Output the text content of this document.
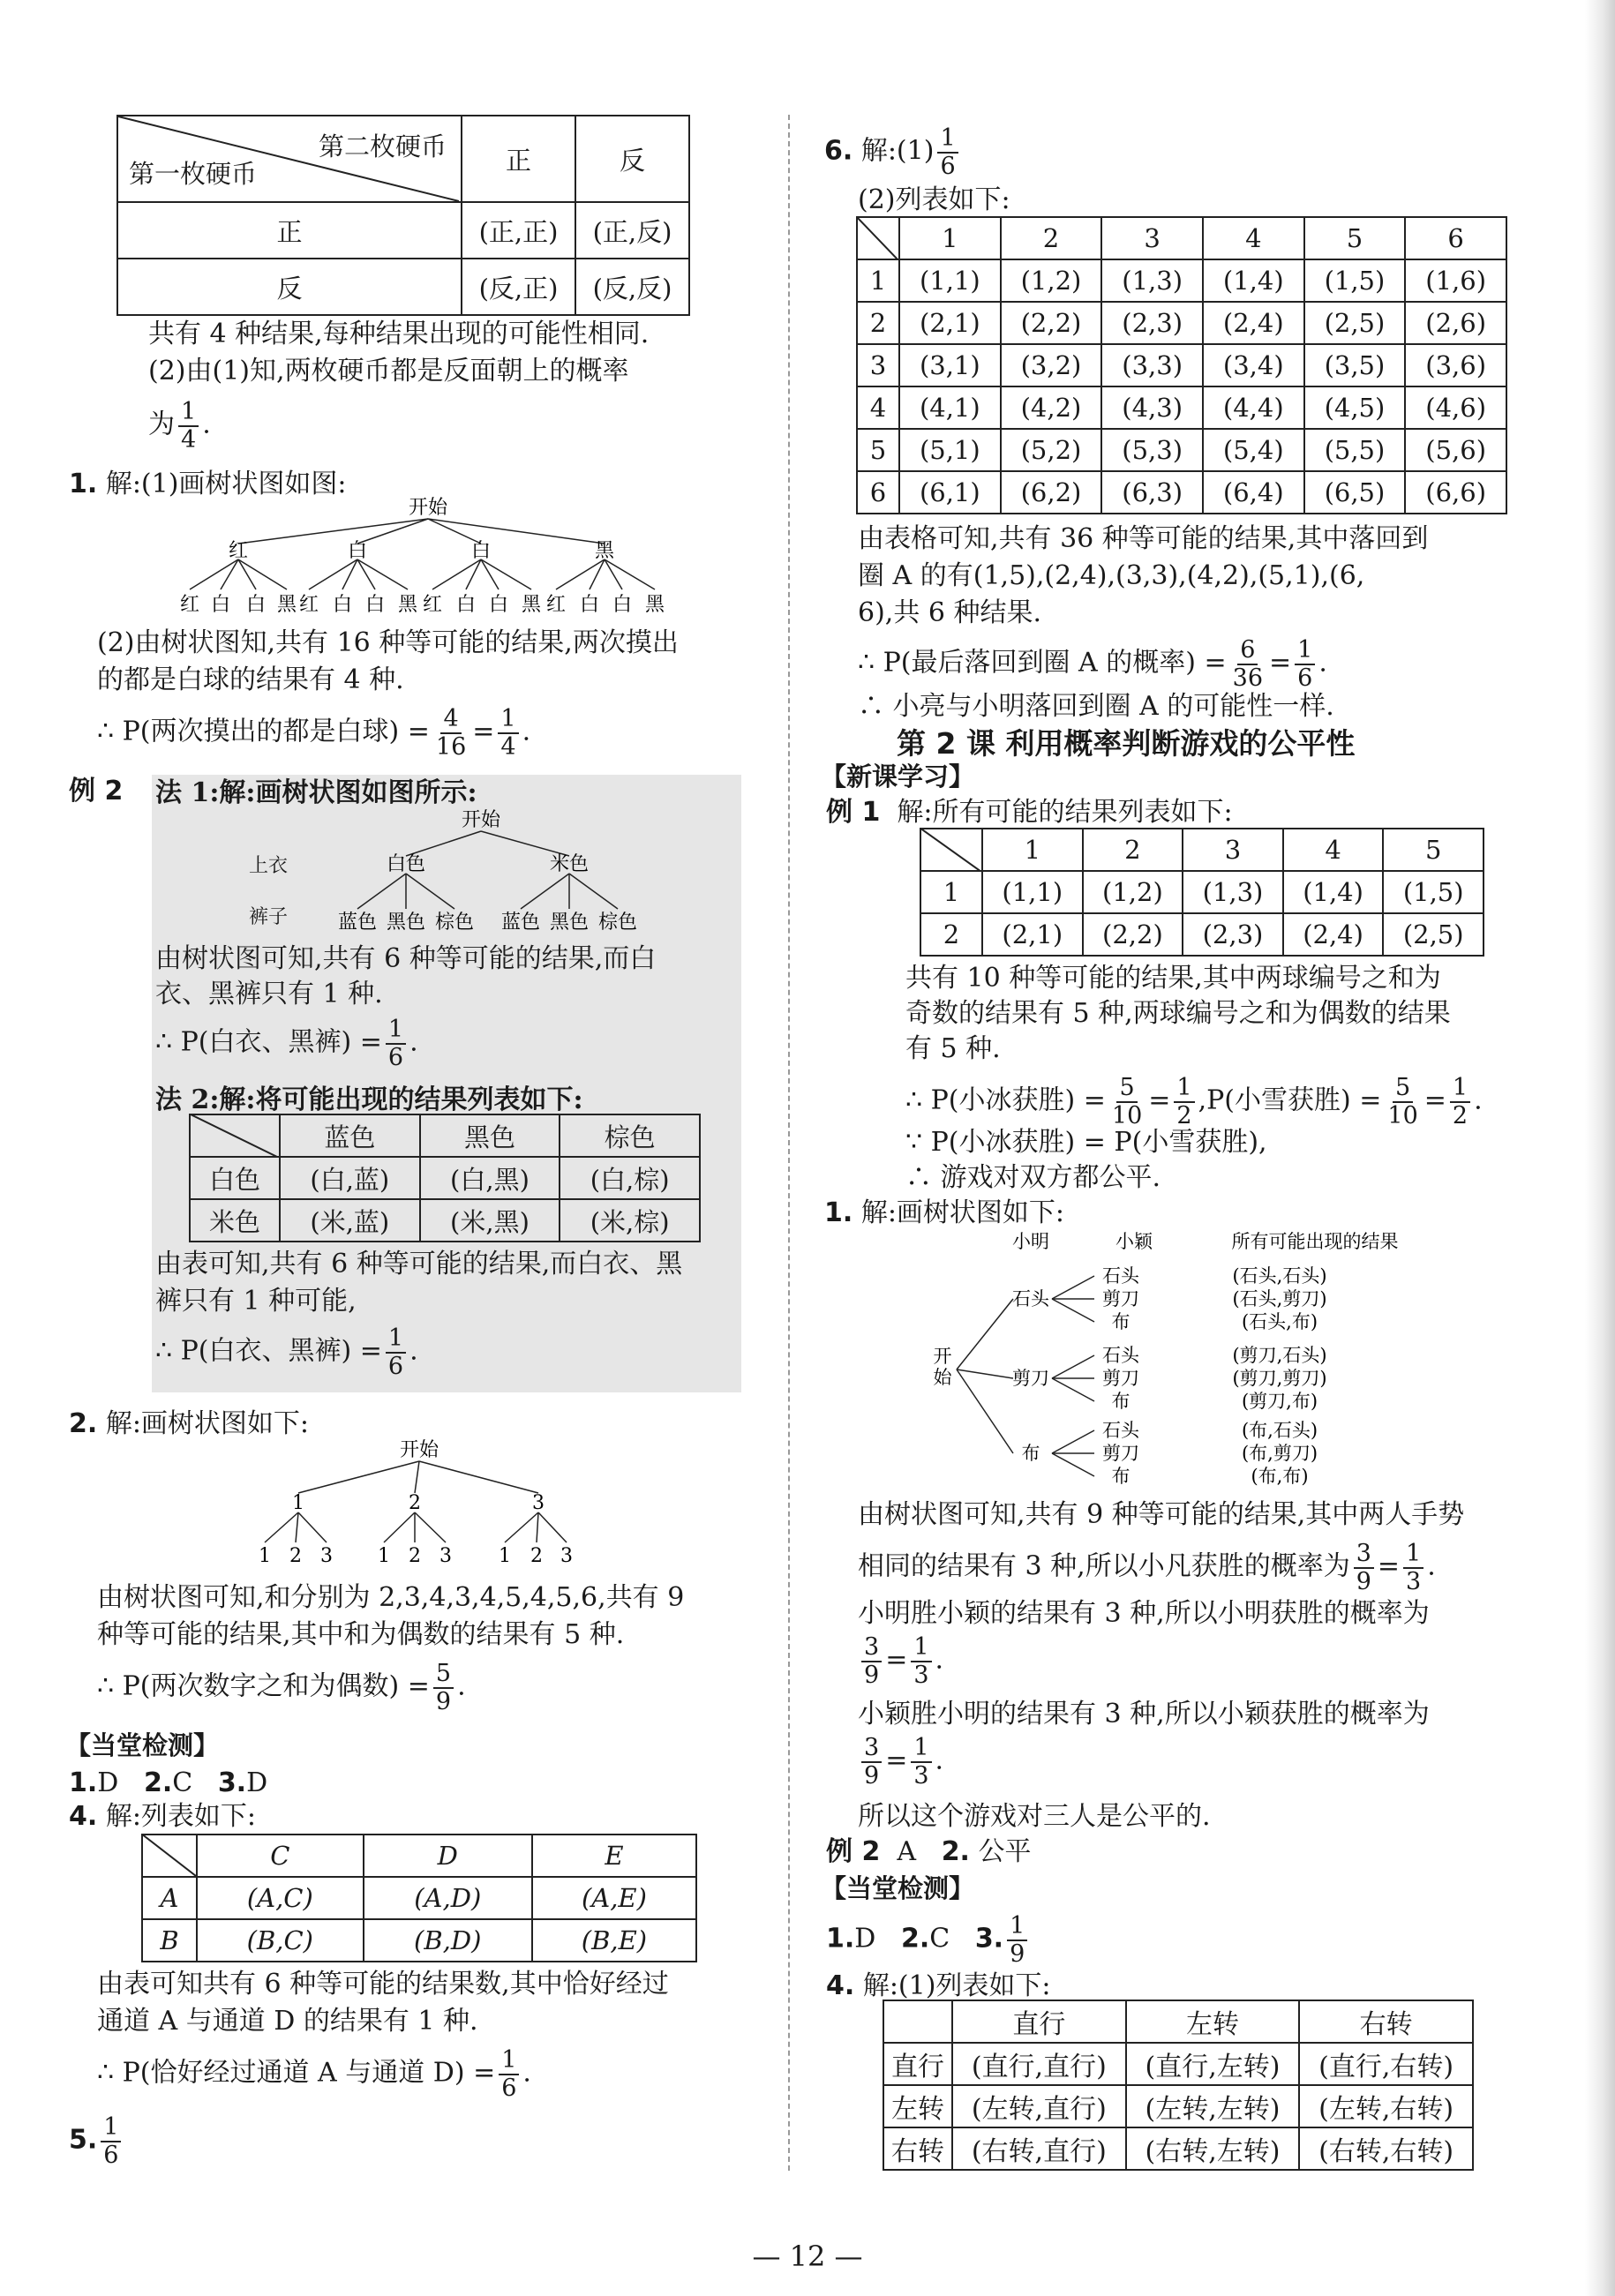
第二枚硬币
第一枚硬币	正	反
正	(正,正)	(正,反)
反	(反,正)	(反,反)
共有 4 种结果,每种结果出现的可能性相同.
(2)由(1)知,两枚硬币都是反面朝上的概率
为 $\frac{1}{4}$ .
1. 解:(1)画树状图如图:
开始
红	白	白	黑
红 白 白 黑 红 白 白 黑 红 白 白 黑 红 白 白 黑
(2)由树状图知,共有 16 种等可能的结果,两次摸出
的都是白球的结果有 4 种.
∴ P(两次摸出的都是白球) = $\frac{4}{16} = \frac{1}{4}$ .
例 2 法 1:解:画树状图如图所示:
开始
白色	米色
蓝色 黑色 棕色 蓝色 黑色 棕色
上衣
裤子
由树状图可知,共有 6 种等可能的结果,而白
衣、黑裤只有 1 种.
∴ P(白衣、黑裤) = $\frac{1}{6}$ .
法 2:解:将可能出现的结果列表如下:
	蓝色	黑色	棕色
白色	(白,蓝)	(白,黑)	(白,棕)
米色	(米,蓝)	(米,黑)	(米,棕)
由表可知,共有 6 种等可能的结果,而白衣、黑
裤只有 1 种可能,
∴ P(白衣、黑裤) = $\frac{1}{6}$ .
2. 解:画树状图如下:
开始
1	2	3
1 2 3 1 2 3 1 2 3
由树状图可知,和分别为 2,3,4,3,4,5,4,5,6,共有 9
种等可能的结果,其中和为偶数的结果有 5 种.
∴ P(两次数字之和为偶数) = $\frac{5}{9}$ .
【当堂检测】
1.D 2.C 3.D
4. 解:列表如下:
	C	D	E
A	(A,C)	(A,D)	(A,E)
B	(B,C)	(B,D)	(B,E)
由表可知共有 6 种等可能的结果数,其中恰好经过
通道 A 与通道 D 的结果有 1 种.
∴ P(恰好经过通道 A 与通道 $D) = \frac{1}{6}$ .
5. $\frac{1}{6}$
6. 解:(1) $\frac{1}{6}$
(2)列表如下:
	1	2	3	4	5	6
1	(1,1)	(1,2)	(1,3)	(1,4)	(1,5)	(1,6)
2	(2,1)	(2,2)	(2,3)	(2,4)	(2,5)	(2,6)
3	(3,1)	(3,2)	(3,3)	(3,4)	(3,5)	(3,6)
4	(4,1)	(4,2)	(4,3)	(4,4)	(4,5)	(4,6)
5	(5,1)	(5,2)	(5,3)	(5,4)	(5,5)	(5,6)
6	(6,1)	(6,2)	(6,3)	(6,4)	(6,5)	(6,6)
由表格可知,共有 36 种等可能的结果,其中落回到
圈 A 的有(1,5),(2,4),(3,3),(4,2),(5,1),(6,
6),共 6 种结果.
∴ P(最后落回到圈 A 的概率) = $\frac{6}{36} = \frac{1}{6}$ .
∴ 小亮与小明落回到圈 A 的可能性一样.
第 2 课 利用概率判断游戏的公平性
【新课学习】
例 1 解:所有可能的结果列表如下:
	1	2	3	4	5
1	(1,1)	(1,2)	(1,3)	(1,4)	(1,5)
2	(2,1)	(2,2)	(2,3)	(2,4)	(2,5)
共有 10 种等可能的结果,其中两球编号之和为
奇数的结果有 5 种,两球编号之和为偶数的结果
有 5 种.
∴ P(小冰获胜) = $\frac{5}{10} = \frac{1}{2} ,P$(小雪获胜) = $\frac{5}{10} = \frac{1}{2}$ .
∵ P(小冰获胜) = P(小雪获胜),
∴ 游戏对双方都公平.
1. 解:画树状图如下:
小明	小颖	所有可能出现的结果
开
始
石头
石头	(石头,石头)
剪刀	(石头,剪刀)
布	(石头,布)
剪刀
石头	(剪刀,石头)
剪刀	(剪刀,剪刀)
布	(剪刀,布)
布
石头	(布,石头)
剪刀	(布,剪刀)
布	(布,布)
由树状图可知,共有 9 种等可能的结果,其中两人手势
相同的结果有 3 种,所以小凡获胜的概率为 $\frac{3}{9} = \frac{1}{3}$ .
小明胜小颖的结果有 3 种,所以小明获胜的概率为
$\frac{3}{9} = \frac{1}{3}$ .
小颖胜小明的结果有 3 种,所以小颖获胜的概率为
$\frac{3}{9} = \frac{1}{3}$ .
所以这个游戏对三人是公平的.
例 2 A 2. 公平
【当堂检测】
1.D 2.C 3. $\frac{1}{9}$
4. 解:(1)列表如下:
	直行	左转	右转
直行	(直行,直行)	(直行,左转)	(直行,右转)
左转	(左转,直行)	(左转,左转)	(左转,右转)
右转	(右转,直行)	(右转,左转)	(右转,右转)
— 12 —
